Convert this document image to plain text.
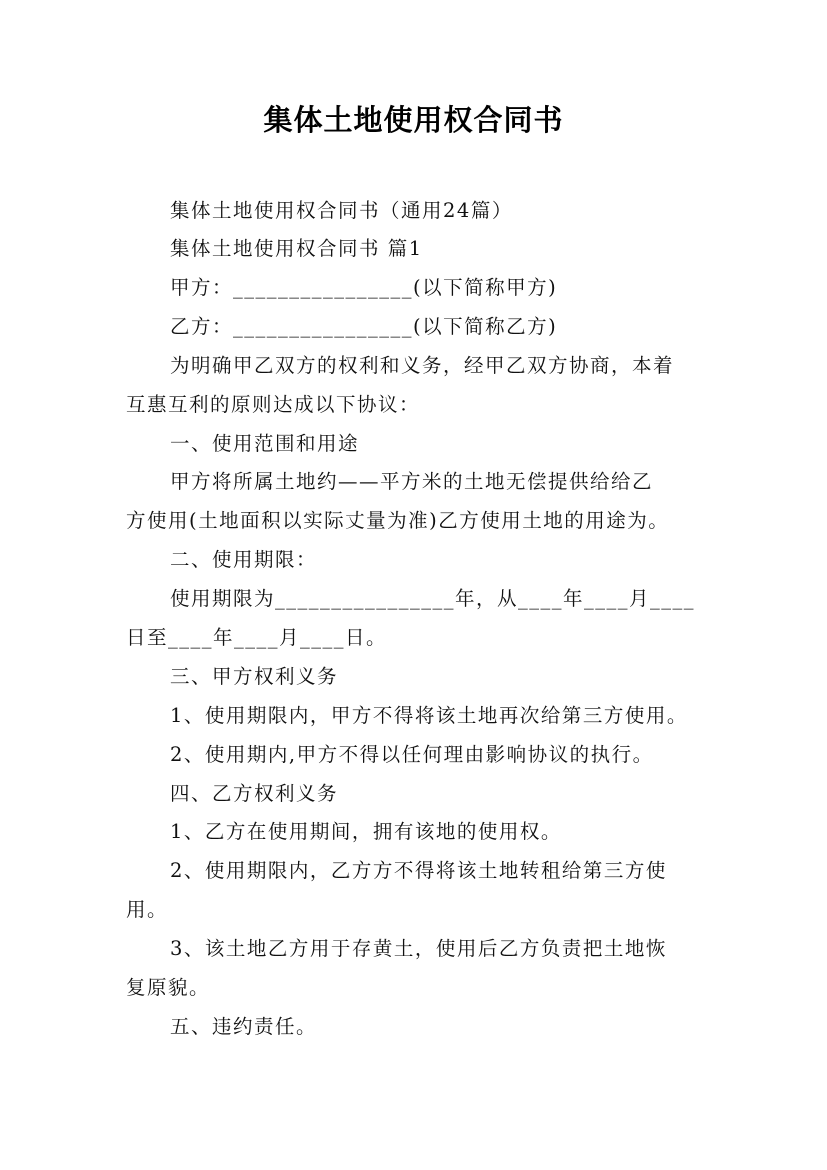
集体土地使用权合同书
集体土地使用权合同书（通用24篇）
集体土地使用权合同书 篇1
甲方：________________(以下简称甲方)
乙方：________________(以下简称乙方)
为明确甲乙双方的权利和义务，经甲乙双方协商，本着
互惠互利的原则达成以下协议：
一、使用范围和用途
甲方将所属土地约——平方米的土地无偿提供给给乙
方使用(土地面积以实际丈量为准)乙方使用土地的用途为。
二、使用期限：
使用期限为________________年，从____年____月____
日至____年____月____日。
三、甲方权利义务
1、使用期限内，甲方不得将该土地再次给第三方使用。
2、使用期内,甲方不得以任何理由影响协议的执行。
四、乙方权利义务
1、乙方在使用期间，拥有该地的使用权。
2、使用期限内，乙方方不得将该土地转租给第三方使
用。
3、该土地乙方用于存黄土，使用后乙方负责把土地恢
复原貌。
五、违约责任。
